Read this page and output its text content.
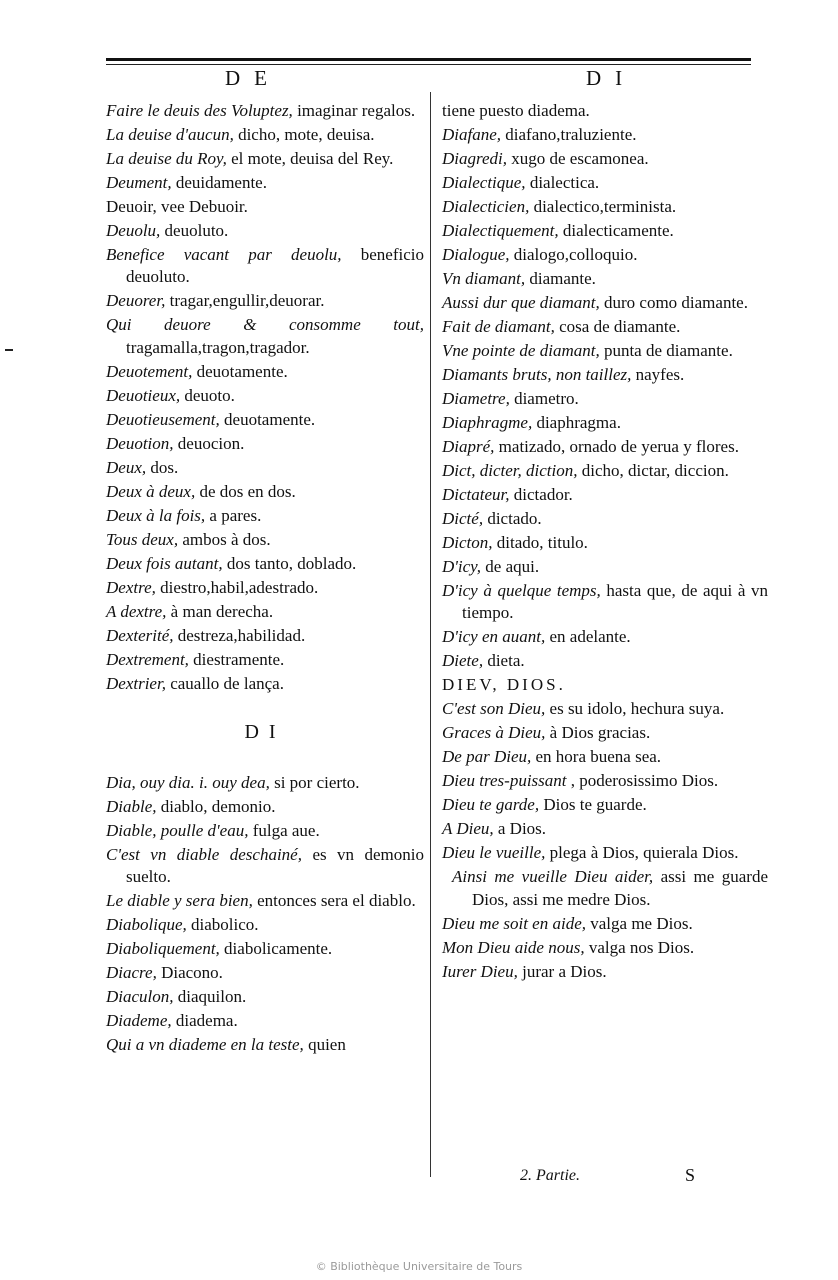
DE	DI
Faire le deuis des Voluptez, imaginar regalos.
La deuise d'aucun, dicho, mote, deuisa.
La deuise du Roy, el mote, deuisa del Rey.
Deument, deuidamente.
Deuoir, vee Debuoir.
Deuolu, deuoluto.
Benefice vacant par deuolu, beneficio deuoluto.
Deuorer, tragar,engullir,deuorar.
Qui deuore & consomme tout, tragamalla,tragon,tragador.
Deuotement, deuotamente.
Deuotieux, deuoto.
Deuotieusement, deuotamente.
Deuotion, deuocion.
Deux, dos.
Deux à deux, de dos en dos.
Deux à la fois, a pares.
Tous deux, ambos à dos.
Deux fois autant, dos tanto, doblado.
Dextre, diestro,habil,adestrado.
A dextre, à man derecha.
Dexterité, destreza,habilidad.
Dextrement, diestramente.
Dextrier, cauallo de lança.
DI
Dia, ouy dia. i. ouy dea, si por cierto.
Diable, diablo, demonio.
Diable, poulle d'eau, fulga aue.
C'est vn diable deschainé, es vn demonio suelto.
Le diable y sera bien, entonces sera el diablo.
Diabolique, diabolico.
Diaboliquement, diabolicamente.
Diacre, Diacono.
Diaculon, diaquilon.
Diademe, diadema.
Qui a vn diademe en la teste, quien
tiene puesto diadema.
Diafane, diafano,traluziente.
Diagredi, xugo de escamonea.
Dialectique, dialectica.
Dialecticien, dialectico,terminista.
Dialectiquement, dialecticamente.
Dialogue, dialogo,colloquio.
Vn diamant, diamante.
Aussi dur que diamant, duro como diamante.
Fait de diamant, cosa de diamante.
Vne pointe de diamant, punta de diamante.
Diamants bruts, non taillez, nayfes.
Diametre, diametro.
Diaphragme, diaphragma.
Diapré, matizado, ornado de yerua y flores.
Dict, dicter, diction, dicho, dictar, diccion.
Dictateur, dictador.
Dicté, dictado.
Dicton, ditado, titulo.
D'icy, de aqui.
D'icy à quelque temps, hasta que, de aqui à vn tiempo.
D'icy en auant, en adelante.
Diete, dieta.
DIEV, DIOS.
C'est son Dieu, es su idolo, hechura suya.
Graces à Dieu, à Dios gracias.
De par Dieu, en hora buena sea.
Dieu tres-puissant , poderosissimo Dios.
Dieu te garde, Dios te guarde.
A Dieu, a Dios.
Dieu le vueille, plega à Dios, quierala Dios.
Ainsi me vueille Dieu aider, assi me guarde Dios, assi me medre Dios.
Dieu me soit en aide, valga me Dios.
Mon Dieu aide nous, valga nos Dios.
Iurer Dieu, jurar a Dios.
2. Partie.	S
© Bibliothèque Universitaire de Tours
